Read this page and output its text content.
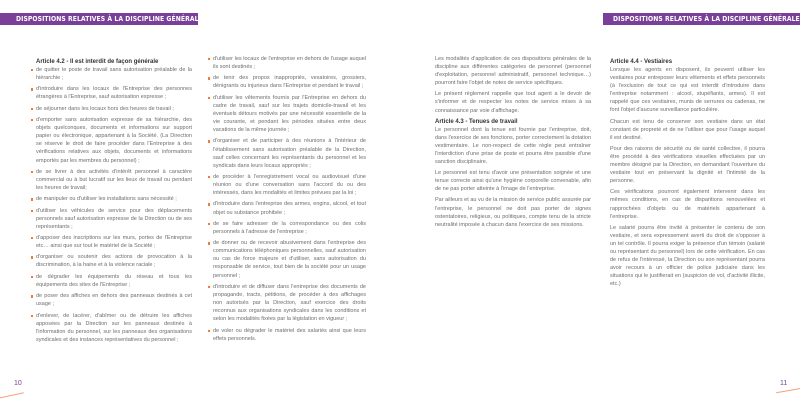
DISPOSITIONS RELATIVES À LA DISCIPLINE GÉNÉRALE	DISPOSITIONS RELATIVES À LA DISCIPLINE GÉNÉRALE
Article 4.2 - Il est interdit de façon générale
de quitter le poste de travail sans autorisation préalable de la hiérarchie ;
d'introduire dans les locaux de l'Entreprise des personnes étrangères à l'Entreprise, sauf autorisation expresse ;
de séjourner dans les locaux hors des heures de travail ;
d'emporter sans autorisation expresse de sa hiérarchie, des objets quelconques, documents et informations sur support papier ou électronique, appartenant à la Société. (La Direction se réserve le droit de faire procéder dans l'Entreprise à des vérifications relatives aux objets, documents et informations emportés par les membres du personnel) ;
de se livrer à des activités d'intérêt personnel à caractère commercial ou à but lucratif sur les lieux de travail ou pendant les heures de travail;
de manipuler ou d'utiliser les installations sans nécessité ;
d'utiliser les véhicules de service pour des déplacements personnels sauf autorisation expresse de la Direction ou de ses représentants ;
d'apposer des inscriptions sur les murs, portes de l'Entreprise etc… ainsi que sur tout le matériel de la Société ;
d'organiser ou soutenir des actions de provocation à la discrimination, à la haine et à la violence raciale ;
de dégrader les équipements du réseau et tous les équipements des sites de l'Entreprise ;
de poser des affiches en dehors des panneaux destinés à cet usage ;
d'enlever, de lacérer, d'abîmer ou de détruire les affiches apposées par la Direction sur les panneaux destinés à l'information du personnel, sur les panneaux des organisations syndicales et des instances représentatives du personnel ;
d'utiliser les locaux de l'entreprise en dehors de l'usage auquel ils sont destinés ;
de tenir des propos inappropriés, vexatoires, grossiers, dénigrants ou injurieux dans l'Entreprise et pendant le travail ;
d'utiliser les vêtements fournis par l'Entreprise en dehors du cadre de travail, sauf sur les trajets domicile-travail et les éventuels détours motivés par une nécessité essentielle de la vie courante, et pendant les périodes situées entre deux vacations de la même journée ;
d'organiser et de participer à des réunions à l'intérieur de l'établissement sans autorisation préalable de la Direction, sauf celles concernant les représentants du personnel et les syndicats dans leurs locaux appropriés ;
de procéder à l'enregistrement vocal ou audiovisuel d'une réunion ou d'une conversation sans l'accord du ou des intéressés, dans les modalités et limites prévues par la loi ;
d'introduire dans l'entreprise des armes, engins, alcool, et tout objet ou substance prohibée ;
de se faire adresser de la correspondance ou des colis personnels à l'adresse de l'entreprise ;
de donner ou de recevoir abusivement dans l'entreprise des communications téléphoniques personnelles, sauf autorisation ou cas de force majeure et d'utiliser, sans autorisation du responsable de service, tout bien de la société pour un usage personnel ;
d'introduire et de diffuser dans l'entreprise des documents de propagande, tracts, pétitions, de procéder à des affichages non autorisés par la Direction, sauf exercice des droits reconnus aux organisations syndicales dans les conditions et selon les modalités fixées par la législation en vigueur ;
de voler ou dégrader le matériel des salariés ainsi que leurs effets personnels.

Les modalités d'application de ces dispositions générales de la discipline aux différentes catégories de personnel (personnel d'exploitation, personnel administratif, personnel technique…) pourront faire l'objet de notes de service spécifiques.

Le présent règlement rappelle que tout agent a le devoir de s'informer et de respecter les notes de service mises à sa connaissance par voie d'affichage.

Article 4.3 - Tenues de travail

Le personnel dont la tenue est fournie par l'entreprise, doit, dans l'exercice de ses fonctions, porter correctement la dotation vestimentaire. Le non-respect de cette règle peut entraîner l'interdiction d'une prise de poste et pourra être passible d'une sanction disciplinaire.

Le personnel est tenu d'avoir une présentation soignée et une tenue correcte ainsi qu'une hygiène corporelle convenable, afin de ne pas porter atteinte à l'image de l'entreprise.

Par ailleurs et au vu de la mission de service public assurée par l'entreprise, le personnel ne doit pas porter de signes ostentatoires, religieux, ou politiques, compte tenu de la stricte neutralité imposée à chacun dans l'exercice de ses missions.

Article 4.4 - Vestiaires

Lorsque les agents en disposent, ils peuvent utiliser les vestiaires pour entreposer leurs vêtements et effets personnels (à l'exclusion de tout ce qui est interdit d'introduire dans l'entreprise notamment : alcool, stupéfiants, armes). Il est rappelé que ces vestiaires, munis de serrures ou cadenas, ne font l'objet d'aucune surveillance particulière.

Chacun est tenu de conserver son vestiaire dans un état constant de propreté et de ne l'utiliser que pour l'usage auquel il est destiné.

Pour des raisons de sécurité ou de santé collective, il pourra être procédé à des vérifications visuelles effectuées par un membre désigné par la Direction, en demandant l'ouverture du vestiaire tout en préservant la dignité et l'intimité de la personne.

Ces vérifications pourront également intervenir dans les mêmes conditions, en cas de disparitions renouvelées et rapprochées d'objets ou de matériels appartenant à l'entreprise.

Le salarié pourra être invité à présenter le contenu de son vestiaire, et sera expressement averti du droit de s'opposer à un tel contrôle. Il pourra exiger la présence d'un témoin (salarié ou représentant du personnel) lors de cette vérification. En cas de refus de l'intéressé, la Direction ou son représentant pourra avoir recours à un officier de police judiciaire dans les situations qui le justifierait en (suspicion de vol, d'activité illicite, etc.)

10	11
